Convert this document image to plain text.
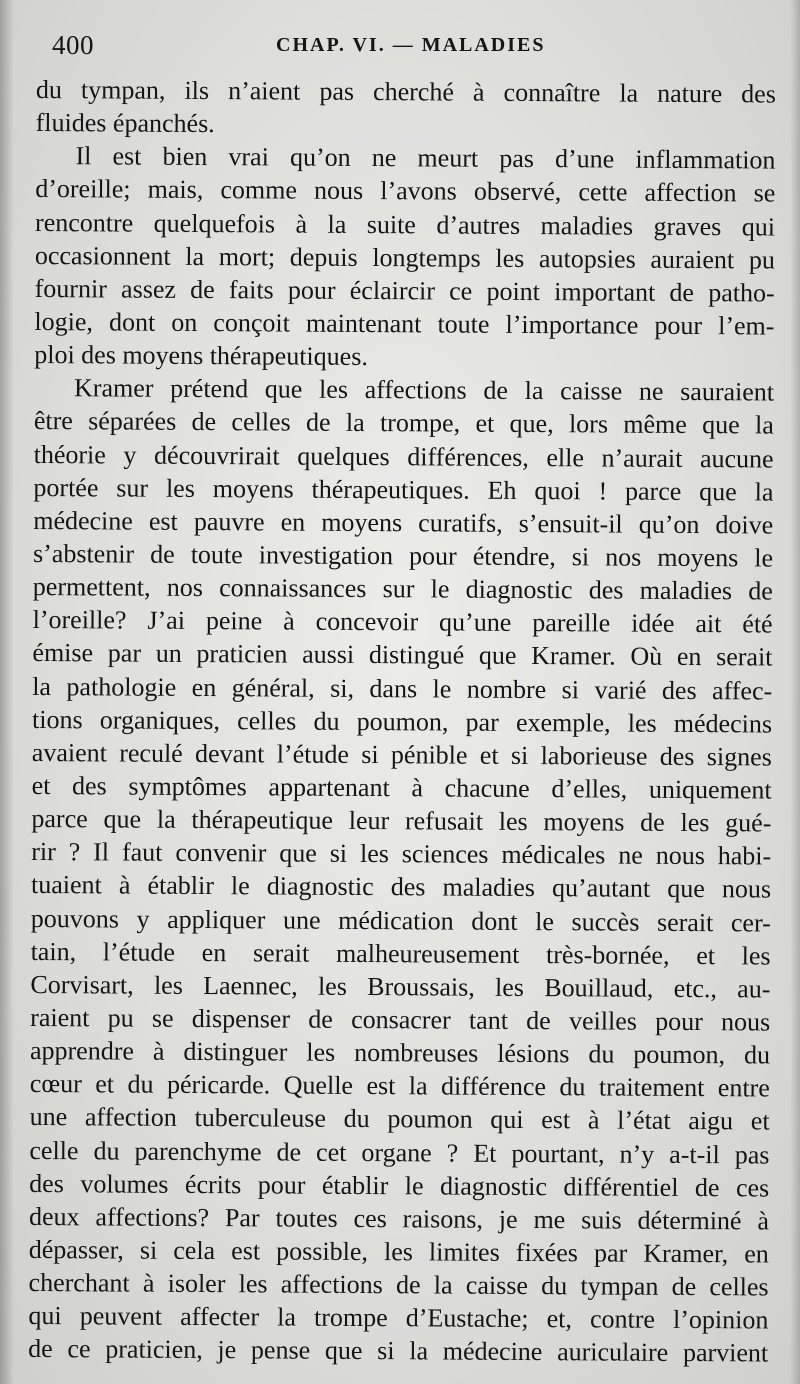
400	CHAP. VI. — MALADIES
du tympan, ils n’aient pas cherché à connaître la nature des
fluides épanchés.
Il est bien vrai qu’on ne meurt pas d’une inflammation
d’oreille; mais, comme nous l’avons observé, cette affection se
rencontre quelquefois à la suite d’autres maladies graves qui
occasionnent la mort; depuis longtemps les autopsies auraient pu
fournir assez de faits pour éclaircir ce point important de patho-
logie, dont on conçoit maintenant toute l’importance pour l’em-
ploi des moyens thérapeutiques.
Kramer prétend que les affections de la caisse ne sauraient
être séparées de celles de la trompe, et que, lors même que la
théorie y découvrirait quelques différences, elle n’aurait aucune
portée sur les moyens thérapeutiques. Eh quoi ! parce que la
médecine est pauvre en moyens curatifs, s’ensuit-il qu’on doive
s’abstenir de toute investigation pour étendre, si nos moyens le
permettent, nos connaissances sur le diagnostic des maladies de
l’oreille? J’ai peine à concevoir qu’une pareille idée ait été
émise par un praticien aussi distingué que Kramer. Où en serait
la pathologie en général, si, dans le nombre si varié des affec-
tions organiques, celles du poumon, par exemple, les médecins
avaient reculé devant l’étude si pénible et si laborieuse des signes
et des symptômes appartenant à chacune d’elles, uniquement
parce que la thérapeutique leur refusait les moyens de les gué-
rir ? Il faut convenir que si les sciences médicales ne nous habi-
tuaient à établir le diagnostic des maladies qu’autant que nous
pouvons y appliquer une médication dont le succès serait cer-
tain, l’étude en serait malheureusement très-bornée, et les
Corvisart, les Laennec, les Broussais, les Bouillaud, etc., au-
raient pu se dispenser de consacrer tant de veilles pour nous
apprendre à distinguer les nombreuses lésions du poumon, du
cœur et du péricarde. Quelle est la différence du traitement entre
une affection tuberculeuse du poumon qui est à l’état aigu et
celle du parenchyme de cet organe ? Et pourtant, n’y a-t-il pas
des volumes écrits pour établir le diagnostic différentiel de ces
deux affections? Par toutes ces raisons, je me suis déterminé à
dépasser, si cela est possible, les limites fixées par Kramer, en
cherchant à isoler les affections de la caisse du tympan de celles
qui peuvent affecter la trompe d’Eustache; et, contre l’opinion
de ce praticien, je pense que si la médecine auriculaire parvient
